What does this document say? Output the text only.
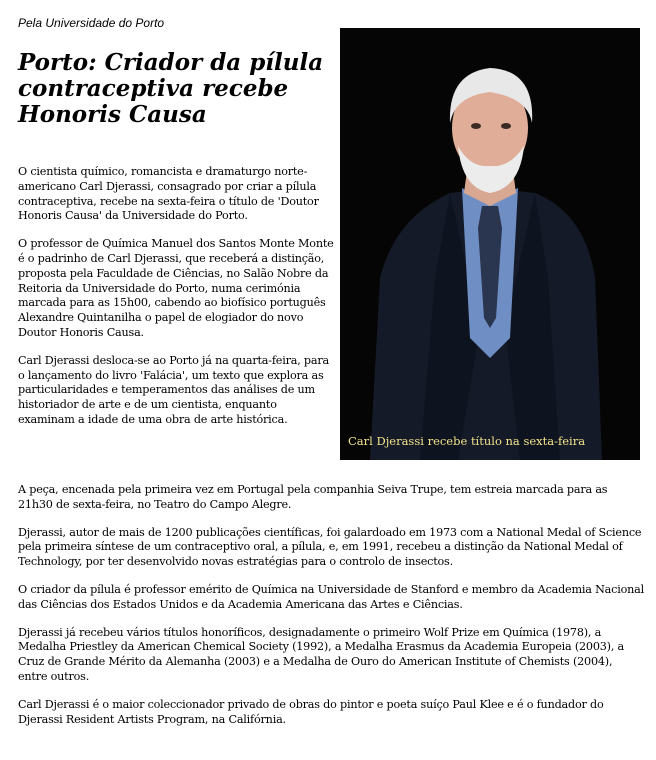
Pela Universidade do Porto
Porto: Criador da pílula contraceptiva recebe Honoris Causa
Carl Djerassi recebe título na sexta-feira

O cientista químico, romancista e dramaturgo norte-americano Carl Djerassi, consagrado por criar a pílula contraceptiva, recebe na sexta-feira o título de 'Doutor Honoris Causa' da Universidade do Porto.

O professor de Química Manuel dos Santos Monte Monte é o padrinho de Carl Djerassi, que receberá a distinção, proposta pela Faculdade de Ciências, no Salão Nobre da Reitoria da Universidade do Porto, numa cerimónia marcada para as 15h00, cabendo ao biofísico português Alexandre Quintanilha o papel de elogiador do novo Doutor Honoris Causa.

Carl Djerassi desloca-se ao Porto já na quarta-feira, para o lançamento do livro 'Falácia', um texto que explora as particularidades e temperamentos das análises de um historiador de arte e de um cientista, enquanto examinam a idade de uma obra de arte histórica.

A peça, encenada pela primeira vez em Portugal pela companhia Seiva Trupe, tem estreia marcada para as 21h30 de sexta-feira, no Teatro do Campo Alegre.

Djerassi, autor de mais de 1200 publicações científicas, foi galardoado em 1973 com a National Medal of Science pela primeira síntese de um contraceptivo oral, a pílula, e, em 1991, recebeu a distinção da National Medal of Technology, por ter desenvolvido novas estratégias para o controlo de insectos.

O criador da pílula é professor emérito de Química na Universidade de Stanford e membro da Academia Nacional das Ciências dos Estados Unidos e da Academia Americana das Artes e Ciências.

Djerassi já recebeu vários títulos honoríficos, designadamente o primeiro Wolf Prize em Química (1978), a Medalha Priestley da American Chemical Society (1992), a Medalha Erasmus da Academia Europeia (2003), a Cruz de Grande Mérito da Alemanha (2003) e a Medalha de Ouro do American Institute of Chemists (2004), entre outros.

Carl Djerassi é o maior coleccionador privado de obras do pintor e poeta suíço Paul Klee e é o fundador do Djerassi Resident Artists Program, na Califórnia.
